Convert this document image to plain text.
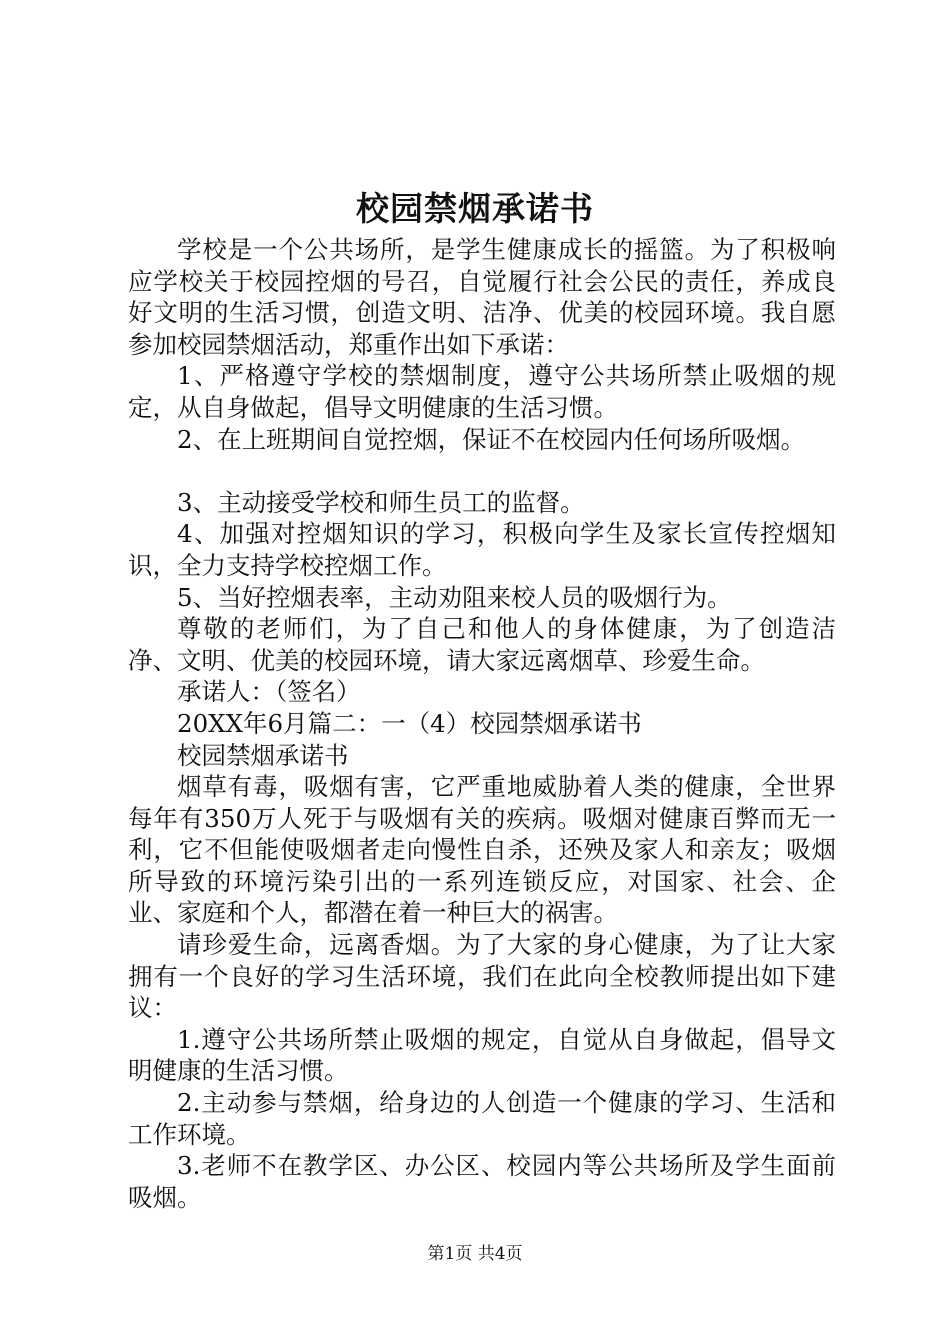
校园禁烟承诺书

学校是一个公共场所，是学生健康成长的摇篮。为了积极响应学校关于校园控烟的号召，自觉履行社会公民的责任，养成良好文明的生活习惯，创造文明、洁净、优美的校园环境。我自愿参加校园禁烟活动，郑重作出如下承诺：

1、严格遵守学校的禁烟制度，遵守公共场所禁止吸烟的规定，从自身做起，倡导文明健康的生活习惯。

2、在上班期间自觉控烟，保证不在校园内任何场所吸烟。

3、主动接受学校和师生员工的监督。

4、加强对控烟知识的学习，积极向学生及家长宣传控烟知识，全力支持学校控烟工作。

5、当好控烟表率，主动劝阻来校人员的吸烟行为。

尊敬的老师们，为了自己和他人的身体健康，为了创造洁净、文明、优美的校园环境，请大家远离烟草、珍爱生命。

承诺人：（签名）

20XX年6月篇二：一（4）校园禁烟承诺书

校园禁烟承诺书

烟草有毒，吸烟有害，它严重地威胁着人类的健康，全世界每年有350万人死于与吸烟有关的疾病。吸烟对健康百弊而无一利，它不但能使吸烟者走向慢性自杀，还殃及家人和亲友；吸烟所导致的环境污染引出的一系列连锁反应，对国家、社会、企业、家庭和个人，都潜在着一种巨大的祸害。

请珍爱生命，远离香烟。为了大家的身心健康，为了让大家拥有一个良好的学习生活环境，我们在此向全校教师提出如下建议：

1.遵守公共场所禁止吸烟的规定，自觉从自身做起，倡导文明健康的生活习惯。

2.主动参与禁烟，给身边的人创造一个健康的学习、生活和工作环境。

3.老师不在教学区、办公区、校园内等公共场所及学生面前吸烟。

第1页 共4页
